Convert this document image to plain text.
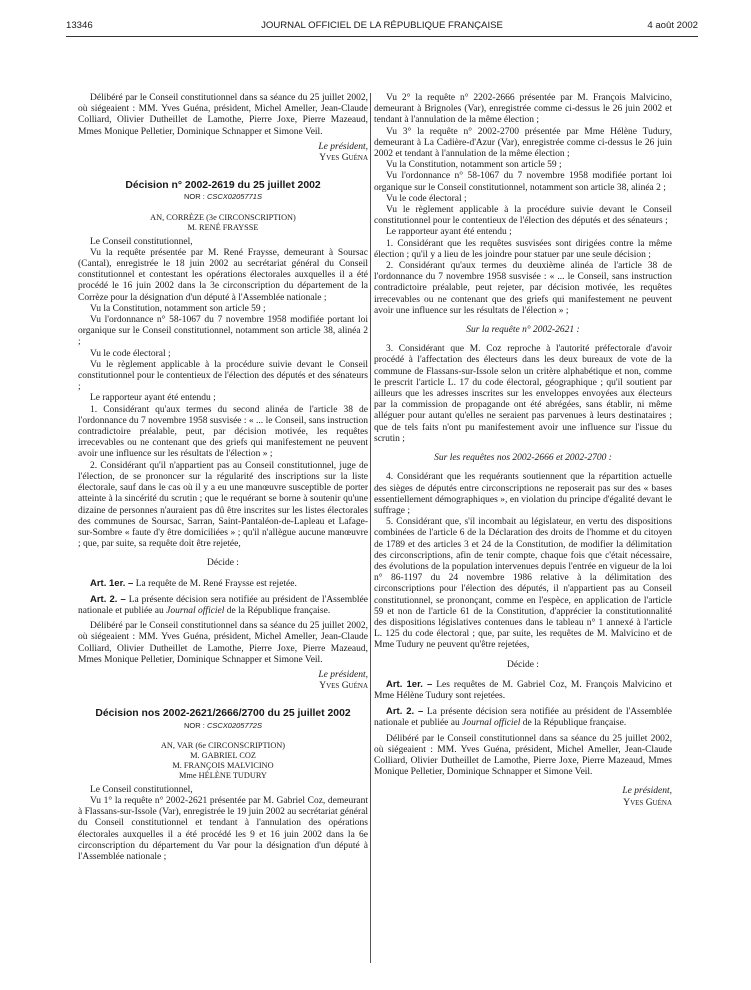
13346	JOURNAL OFFICIEL DE LA RÉPUBLIQUE FRANÇAISE	4 août 2002

Délibéré par le Conseil constitutionnel dans sa séance du 25 juillet 2002, où siégeaient : MM. Yves Guéna, président, Michel Ameller, Jean-Claude Colliard, Olivier Dutheillet de Lamothe, Pierre Joxe, Pierre Mazeaud, Mmes Monique Pelletier, Dominique Schnapper et Simone Veil.

Le président,

Yves Guéna

Décision n° 2002-2619 du 25 juillet 2002

NOR : CSCX0205771S

AN, CORRÈZE (3e CIRCONSCRIPTION)

M. RENÉ FRAYSSE

Le Conseil constitutionnel,

Vu la requête présentée par M. René Fraysse, demeurant à Soursac (Cantal), enregistrée le 18 juin 2002 au secrétariat général du Conseil constitutionnel et contestant les opérations électorales auxquelles il a été procédé le 16 juin 2002 dans la 3e circonscription du département de la Corrèze pour la désignation d'un député à l'Assemblée nationale ;

Vu la Constitution, notamment son article 59 ;

Vu l'ordonnance n° 58-1067 du 7 novembre 1958 modifiée portant loi organique sur le Conseil constitutionnel, notamment son article 38, alinéa 2 ;

Vu le code électoral ;

Vu le règlement applicable à la procédure suivie devant le Conseil constitutionnel pour le contentieux de l'élection des députés et des sénateurs ;

Le rapporteur ayant été entendu ;

1. Considérant qu'aux termes du second alinéa de l'article 38 de l'ordonnance du 7 novembre 1958 susvisée : « ... le Conseil, sans instruction contradictoire préalable, peut, par décision motivée, les requêtes irrecevables ou ne contenant que des griefs qui manifestement ne peuvent avoir une influence sur les résultats de l'élection » ;

2. Considérant qu'il n'appartient pas au Conseil constitutionnel, juge de l'élection, de se prononcer sur la régularité des inscriptions sur la liste électorale, sauf dans le cas où il y a eu une manœuvre susceptible de porter atteinte à la sincérité du scrutin ; que le requérant se borne à soutenir qu'une dizaine de personnes n'auraient pas dû être inscrites sur les listes électorales des communes de Soursac, Sarran, Saint-Pantaléon-de-Lapleau et Lafage-sur-Sombre « faute d'y être domiciliées » ; qu'il n'allègue aucune manœuvre ; que, par suite, sa requête doit être rejetée,

Décide :

Art. 1er. – La requête de M. René Fraysse est rejetée.

Art. 2. – La présente décision sera notifiée au président de l'Assemblée nationale et publiée au Journal officiel de la République française.

Délibéré par le Conseil constitutionnel dans sa séance du 25 juillet 2002, où siégeaient : MM. Yves Guéna, président, Michel Ameller, Jean-Claude Colliard, Olivier Dutheillet de Lamothe, Pierre Joxe, Pierre Mazeaud, Mmes Monique Pelletier, Dominique Schnapper et Simone Veil.

Le président,

Yves Guéna

Décision nos 2002-2621/2666/2700 du 25 juillet 2002

NOR : CSCX0205772S

AN, VAR (6e CIRCONSCRIPTION)

M. GABRIEL COZ

M. FRANÇOIS MALVICINO

Mme HÉLÈNE TUDURY

Le Conseil constitutionnel,

Vu 1° la requête n° 2002-2621 présentée par M. Gabriel Coz, demeurant à Flassans-sur-Issole (Var), enregistrée le 19 juin 2002 au secrétariat général du Conseil constitutionnel et tendant à l'annulation des opérations électorales auxquelles il a été procédé les 9 et 16 juin 2002 dans la 6e circonscription du département du Var pour la désignation d'un député à l'Assemblée nationale ;

Vu 2° la requête n° 2202-2666 présentée par M. François Malvicino, demeurant à Brignoles (Var), enregistrée comme ci-dessus le 26 juin 2002 et tendant à l'annulation de la même élection ;

Vu 3° la requête n° 2002-2700 présentée par Mme Hélène Tudury, demeurant à La Cadière-d'Azur (Var), enregistrée comme ci-dessus le 26 juin 2002 et tendant à l'annulation de la même élection ;

Vu la Constitution, notamment son article 59 ;

Vu l'ordonnance n° 58-1067 du 7 novembre 1958 modifiée portant loi organique sur le Conseil constitutionnel, notamment son article 38, alinéa 2 ;

Vu le code électoral ;

Vu le règlement applicable à la procédure suivie devant le Conseil constitutionnel pour le contentieux de l'élection des députés et des sénateurs ;

Le rapporteur ayant été entendu ;

1. Considérant que les requêtes susvisées sont dirigées contre la même élection ; qu'il y a lieu de les joindre pour statuer par une seule décision ;

2. Considérant qu'aux termes du deuxième alinéa de l'article 38 de l'ordonnance du 7 novembre 1958 susvisée : « ... le Conseil, sans instruction contradictoire préalable, peut rejeter, par décision motivée, les requêtes irrecevables ou ne contenant que des griefs qui manifestement ne peuvent avoir une influence sur les résultats de l'élection » ;

Sur la requête n° 2002-2621 :

3. Considérant que M. Coz reproche à l'autorité préfectorale d'avoir procédé à l'affectation des électeurs dans les deux bureaux de vote de la commune de Flassans-sur-Issole selon un critère alphabétique et non, comme le prescrit l'article L. 17 du code électoral, géographique ; qu'il soutient par ailleurs que les adresses inscrites sur les enveloppes envoyées aux électeurs par la commission de propagande ont été abrégées, sans établir, ni même alléguer pour autant qu'elles ne seraient pas parvenues à leurs destinataires ; que de tels faits n'ont pu manifestement avoir une influence sur l'issue du scrutin ;

Sur les requêtes nos 2002-2666 et 2002-2700 :

4. Considérant que les requérants soutiennent que la répartition actuelle des sièges de députés entre circonscriptions ne reposerait pas sur des « bases essentiellement démographiques », en violation du principe d'égalité devant le suffrage ;

5. Considérant que, s'il incombait au législateur, en vertu des dispositions combinées de l'article 6 de la Déclaration des droits de l'homme et du citoyen de 1789 et des articles 3 et 24 de la Constitution, de modifier la délimitation des circonscriptions, afin de tenir compte, chaque fois que c'était nécessaire, des évolutions de la population intervenues depuis l'entrée en vigueur de la loi n° 86-1197 du 24 novembre 1986 relative à la délimitation des circonscriptions pour l'élection des députés, il n'appartient pas au Conseil constitutionnel, se prononçant, comme en l'espèce, en application de l'article 59 et non de l'article 61 de la Constitution, d'apprécier la constitutionnalité des dispositions législatives contenues dans le tableau n° 1 annexé à l'article L. 125 du code électoral ; que, par suite, les requêtes de M. Malvicino et de Mme Tudury ne peuvent qu'être rejetées,

Décide :

Art. 1er. – Les requêtes de M. Gabriel Coz, M. François Malvicino et Mme Hélène Tudury sont rejetées.

Art. 2. – La présente décision sera notifiée au président de l'Assemblée nationale et publiée au Journal officiel de la République française.

Délibéré par le Conseil constitutionnel dans sa séance du 25 juillet 2002, où siégeaient : MM. Yves Guéna, président, Michel Ameller, Jean-Claude Colliard, Olivier Dutheillet de Lamothe, Pierre Joxe, Pierre Mazeaud, Mmes Monique Pelletier, Dominique Schnapper et Simone Veil.

Le président,

Yves Guéna
